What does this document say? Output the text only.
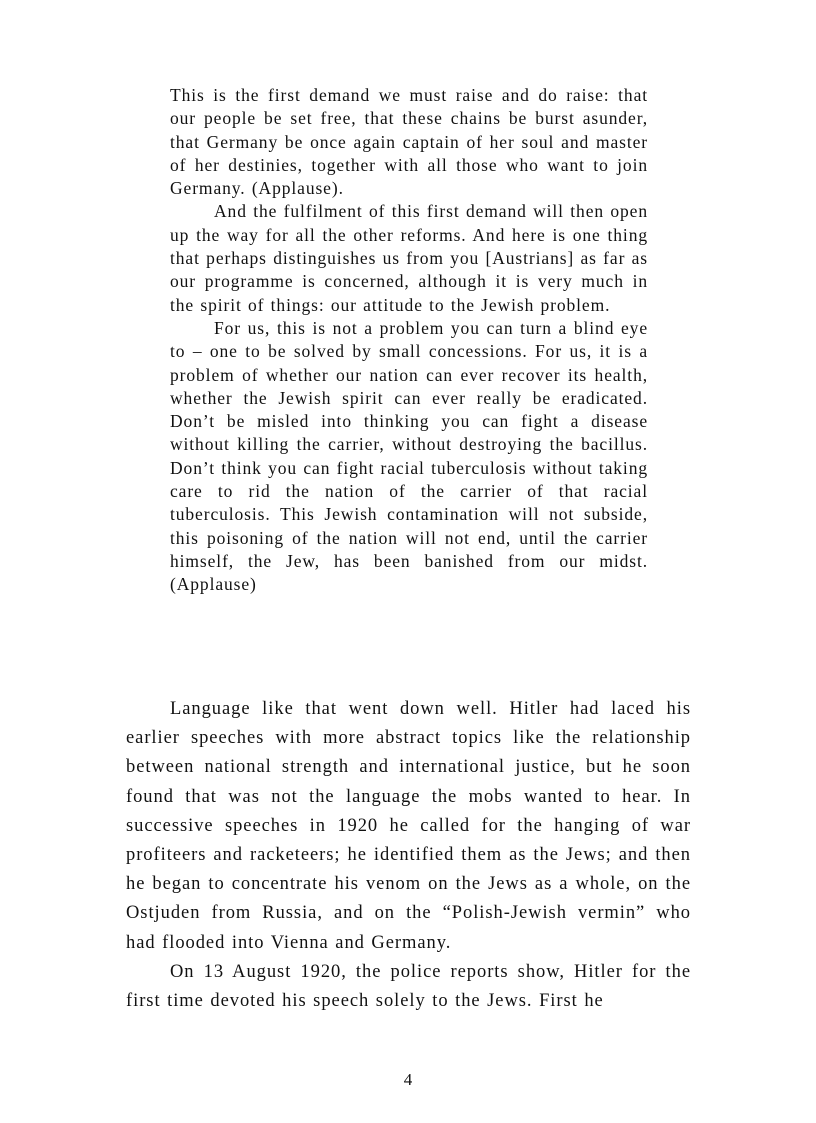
This is the first demand we must raise and do raise: that our people be set free, that these chains be burst asunder, that Germany be once again captain of her soul and master of her destinies, together with all those who want to join Germany. (Applause).

And the fulfilment of this first demand will then open up the way for all the other reforms. And here is one thing that perhaps distinguishes us from you [Austrians] as far as our programme is concerned, although it is very much in the spirit of things: our attitude to the Jewish problem.

For us, this is not a problem you can turn a blind eye to – one to be solved by small concessions. For us, it is a problem of whether our nation can ever recover its health, whether the Jewish spirit can ever really be eradicated. Don’t be misled into thinking you can fight a disease without killing the carrier, without destroying the bacillus. Don’t think you can fight racial tuberculosis without taking care to rid the nation of the carrier of that racial tuberculosis. This Jewish contamination will not subside, this poisoning of the nation will not end, until the carrier himself, the Jew, has been banished from our midst. (Applause)

Language like that went down well. Hitler had laced his earlier speeches with more abstract topics like the relationship between national strength and international justice, but he soon found that was not the language the mobs wanted to hear. In successive speeches in 1920 he called for the hanging of war profiteers and racketeers; he identified them as the Jews; and then he began to concentrate his venom on the Jews as a whole, on the Ostjuden from Russia, and on the “Polish-Jewish vermin” who had flooded into Vienna and Germany.

On 13 August 1920, the police reports show, Hitler for the first time devoted his speech solely to the Jews. First he

4
